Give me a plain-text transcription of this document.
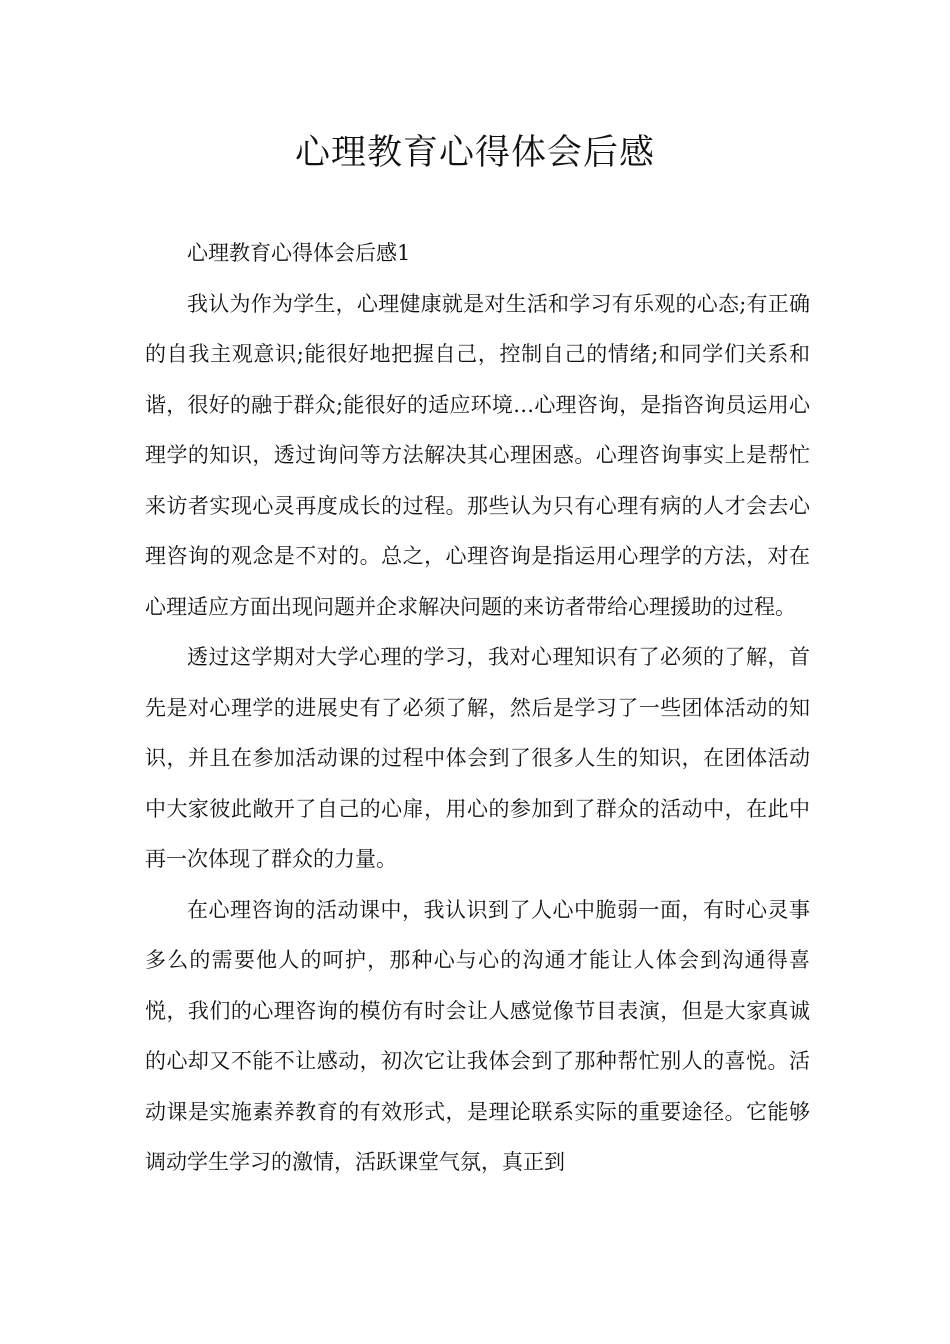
心理教育心得体会后感

心理教育心得体会后感1

我认为作为学生，心理健康就是对生活和学习有乐观的心态;有正确的自我主观意识;能很好地把握自己，控制自己的情绪;和同学们关系和谐，很好的融于群众;能很好的适应环境…心理咨询，是指咨询员运用心理学的知识，透过询问等方法解决其心理困惑。心理咨询事实上是帮忙来访者实现心灵再度成长的过程。那些认为只有心理有病的人才会去心理咨询的观念是不对的。总之，心理咨询是指运用心理学的方法，对在心理适应方面出现问题并企求解决问题的来访者带给心理援助的过程。

透过这学期对大学心理的学习，我对心理知识有了必须的了解，首先是对心理学的进展史有了必须了解，然后是学习了一些团体活动的知识，并且在参加活动课的过程中体会到了很多人生的知识，在团体活动中大家彼此敞开了自己的心扉，用心的参加到了群众的活动中，在此中再一次体现了群众的力量。

在心理咨询的活动课中，我认识到了人心中脆弱一面，有时心灵事多么的需要他人的呵护，那种心与心的沟通才能让人体会到沟通得喜悦，我们的心理咨询的模仿有时会让人感觉像节目表演，但是大家真诚的心却又不能不让感动，初次它让我体会到了那种帮忙别人的喜悦。活动课是实施素养教育的有效形式，是理论联系实际的重要途径。它能够调动学生学习的激情，活跃课堂气氛，真正到
